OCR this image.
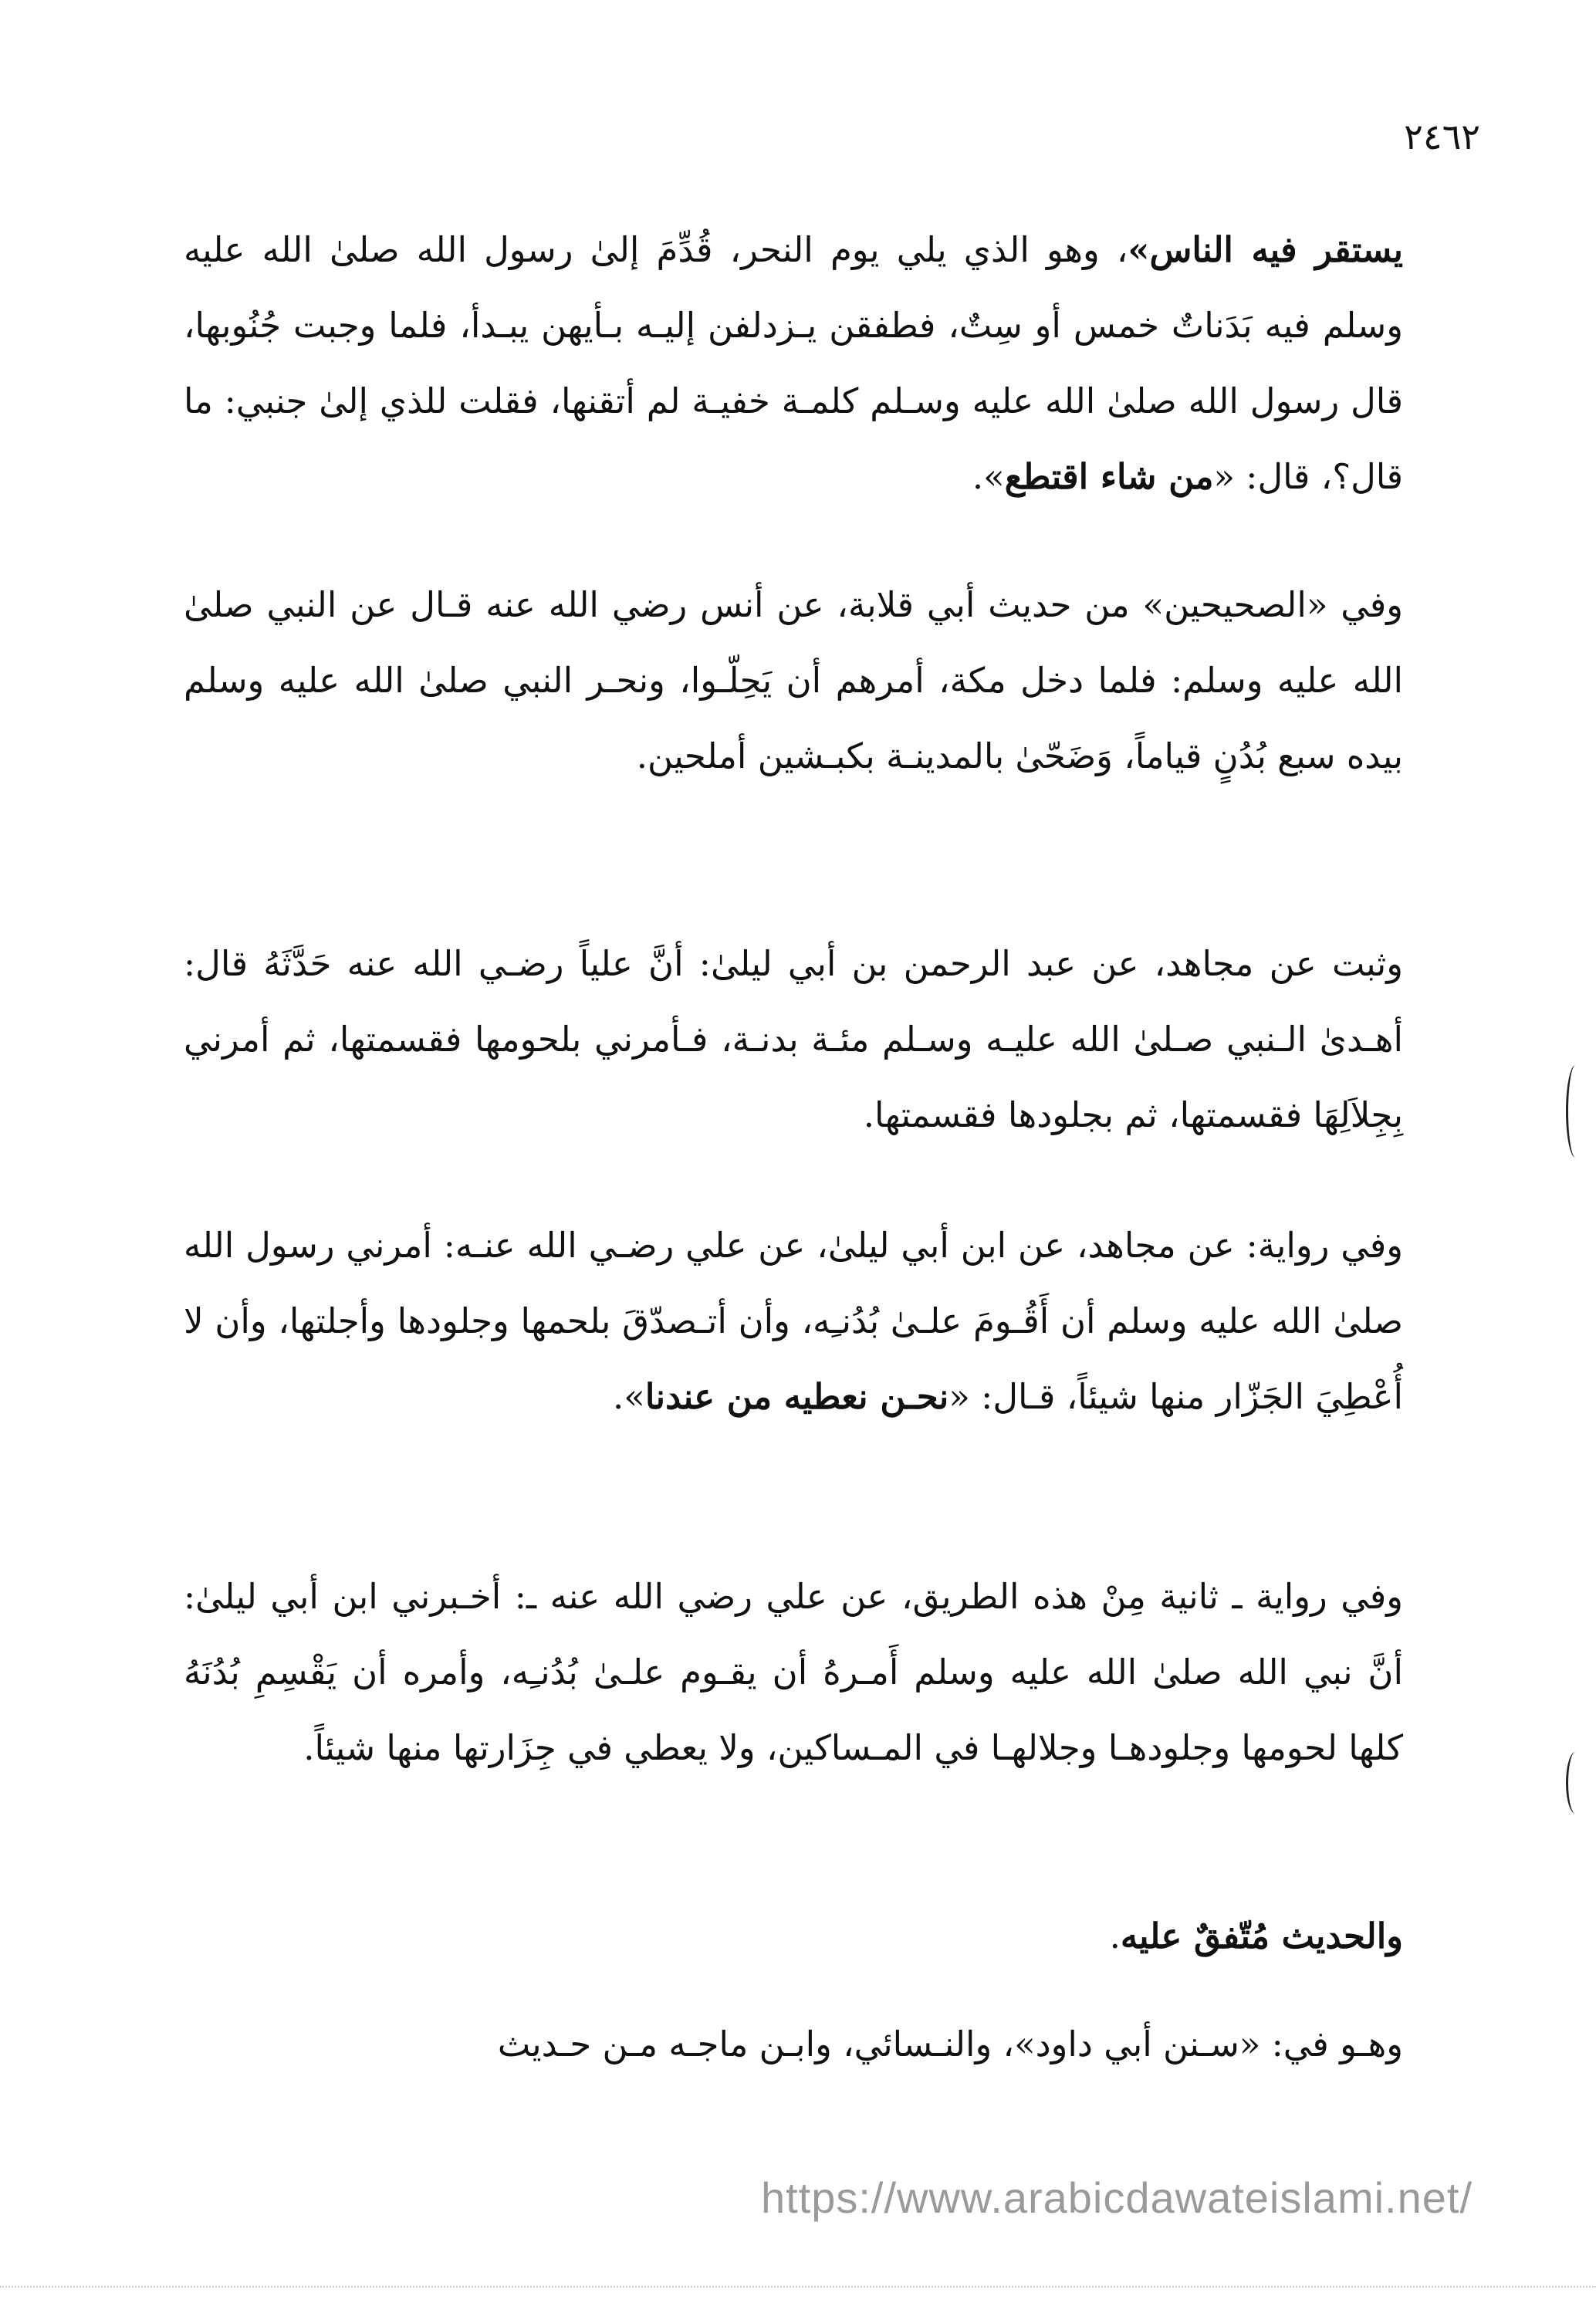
٢٤٦٢

يستقر فيه الناس»، وهو الذي يلي يوم النحر، قُدِّمَ إلىٰ رسول الله صلىٰ الله عليه وسلم فيه بَدَناتٌ خمس أو سِتٌ، فطفقن يـزدلفن إليـه بـأيهن يبـدأ، فلما وجبت جُنُوبها، قال رسول الله صلىٰ الله عليه وسـلم كلمـة خفيـة لم أتقنها، فقلت للذي إلىٰ جنبي: ما قال؟، قال: «من شاء اقتطع».

وفي «الصحيحين» من حديث أبي قلابة، عن أنس رضي الله عنه قـال عن النبي صلىٰ الله عليه وسلم: فلما دخل مكة، أمرهم أن يَحِلّـوا، ونحـر النبي صلىٰ الله عليه وسلم بيده سبع بُدُنٍ قياماً، وَضَحّىٰ بالمدينـة بكبـشين أملحين.

وثبت عن مجاهد، عن عبد الرحمن بن أبي ليلىٰ: أنَّ علياً رضـي الله عنه حَدَّثَهُ قال: أهـدىٰ الـنبي صـلىٰ الله عليـه وسـلم مئـة بدنـة، فـأمرني بلحومها فقسمتها، ثم أمرني بِجِلاَلِهَا فقسمتها، ثم بجلودها فقسمتها.

وفي رواية: عن مجاهد، عن ابن أبي ليلىٰ، عن علي رضـي الله عنـه: أمرني رسول الله صلىٰ الله عليه وسلم أن أَقُـومَ علـىٰ بُدُنـِه، وأن أتـصدّقَ بلحمها وجلودها وأجلتها، وأن لا أُعْطِيَ الجَزّار منها شيئاً، قـال: «نحـن نعطيه من عندنا».

وفي رواية ـ ثانية مِنْ هذه الطريق، عن علي رضي الله عنه ـ: أخـبرني ابن أبي ليلىٰ: أنَّ نبي الله صلىٰ الله عليه وسلم أَمـرهُ أن يقـوم علـىٰ بُدُنـِه، وأمره أن يَقْسِمِ بُدُنَهُ كلها لحومها وجلودهـا وجلالهـا في المـساكين، ولا يعطي في جِزَارتها منها شيئاً.

والحديث مُتّفقٌ عليه.

وهـو في: «سـنن أبي داود»، والنـسائي، وابـن ماجـه مـن حـديث

https://www.arabicdawateislami.net/
